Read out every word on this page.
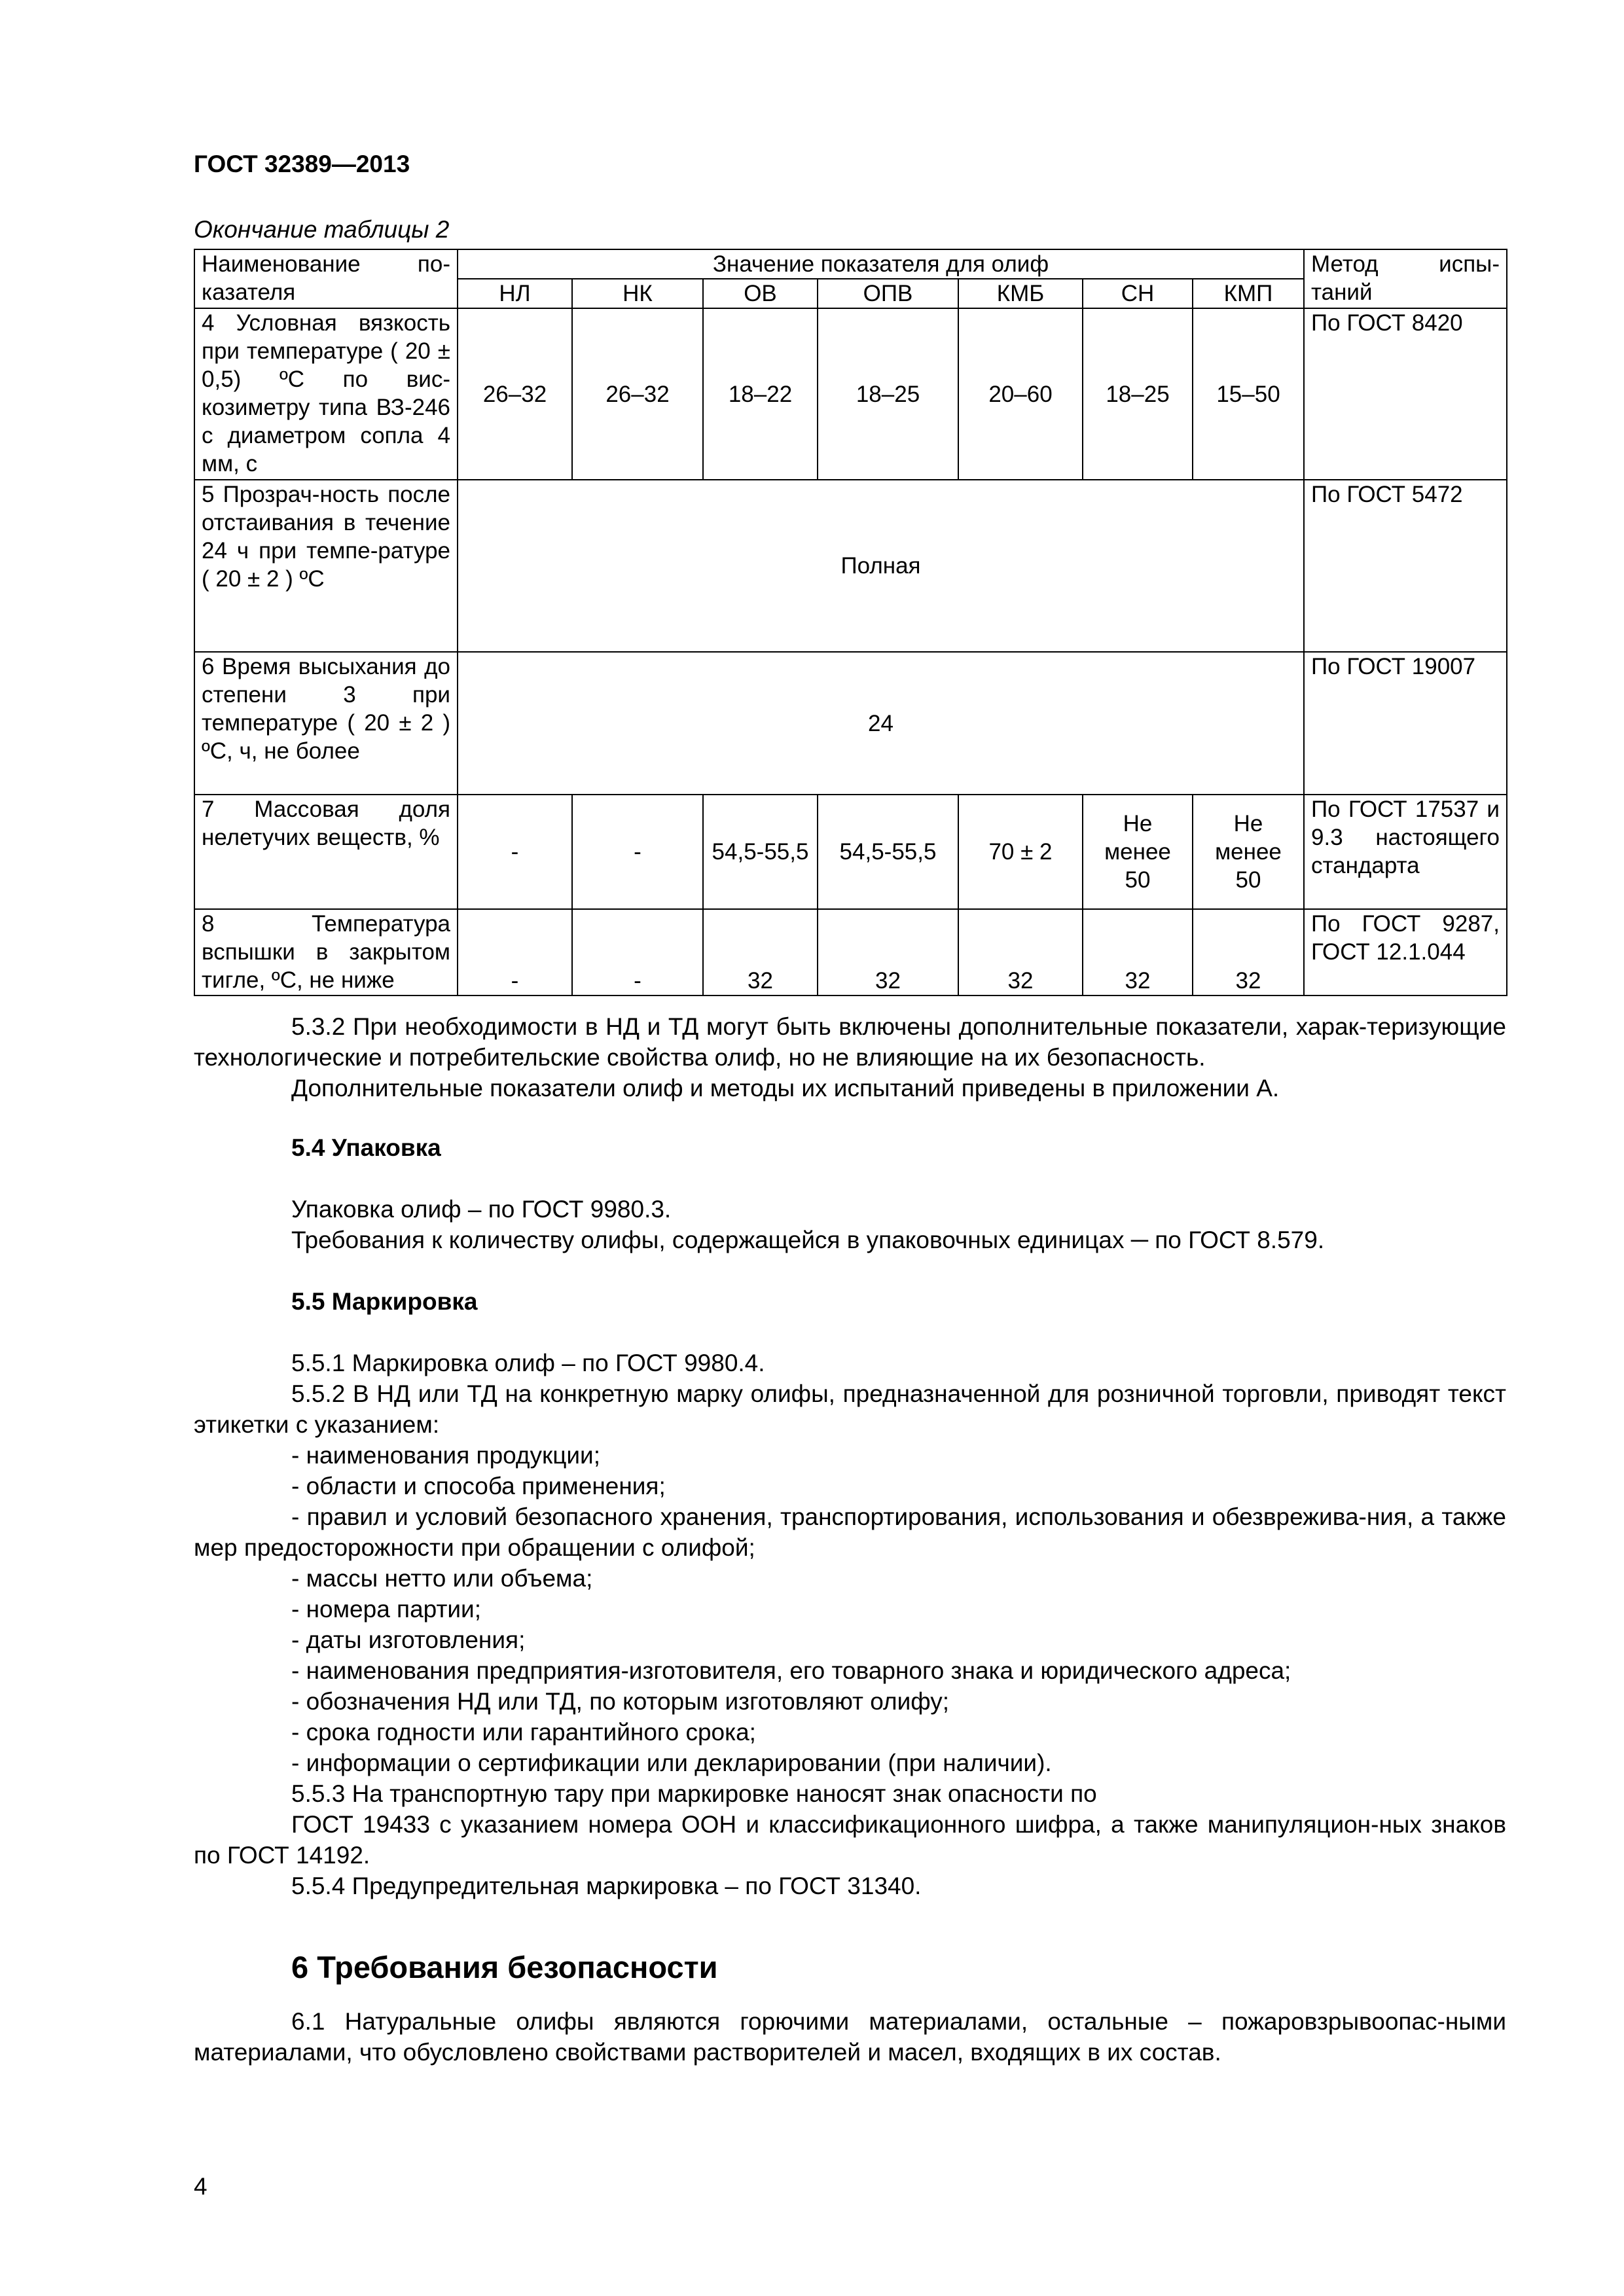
ГОСТ 32389—2013

Окончание таблицы 2

Наименование по-казателя	Значение показателя для олиф							Метод испы-таний
	НЛ	НК	ОВ	ОПВ	КМБ	СН	КМП	
4 Условная вязкость при температуре ( 20 ± 0,5) ºС по вис-козиметру типа ВЗ-246 с диаметром сопла 4 мм, с	26–32	26–32	18–22	18–25	20–60	18–25	15–50	По ГОСТ 8420
5 Прозрач-ность после отстаивания в течение 24 ч при темпе-ратуре ( 20 ± 2 ) ºС	Полная							По ГОСТ 5472
6 Время высыхания до степени 3 при температуре ( 20 ± 2 ) ºС, ч, не более	24							По ГОСТ 19007
7 Массовая доля нелетучих веществ, %	-	-	54,5-55,5	54,5-55,5	70 ± 2	Не менее 50	Не менее 50	По ГОСТ 17537 и 9.3 настоящего стандарта
8 Температура вспышки в закрытом тигле, ºС, не ниже	-	-	32	32	32	32	32	По ГОСТ 9287, ГОСТ 12.1.044

5.3.2 При необходимости в НД и ТД могут быть включены дополнительные показатели, харак-теризующие технологические и потребительские свойства олиф, но не влияющие на их безопасность.

Дополнительные показатели олиф и методы их испытаний приведены в приложении А.

5.4 Упаковка

Упаковка олиф – по ГОСТ 9980.3.

Требования к количеству олифы, содержащейся в упаковочных единицах ─ по ГОСТ 8.579.

5.5 Маркировка

5.5.1 Маркировка олиф – по ГОСТ 9980.4.

5.5.2 В НД или ТД на конкретную марку олифы, предназначенной для розничной торговли, приводят текст этикетки с указанием:

- наименования продукции;

- области и способа применения;

- правил и условий безопасного хранения, транспортирования, использования и обезврежива-ния, а также мер предосторожности при обращении с олифой;

- массы нетто или объема;

- номера партии;

- даты изготовления;

- наименования предприятия-изготовителя, его товарного знака и юридического адреса;

- обозначения НД или ТД, по которым изготовляют олифу;

- срока годности или гарантийного срока;

- информации о сертификации или декларировании (при наличии).

5.5.3 На транспортную тару при маркировке наносят знак опасности по

ГОСТ 19433 с указанием номера ООН и классификационного шифра, а также манипуляцион-ных знаков по ГОСТ 14192.

5.5.4 Предупредительная маркировка – по ГОСТ 31340.

6 Требования безопасности

6.1 Натуральные олифы являются горючими материалами, остальные – пожаровзрывоопас-ными материалами, что обусловлено свойствами растворителей и масел, входящих в их состав.

4
